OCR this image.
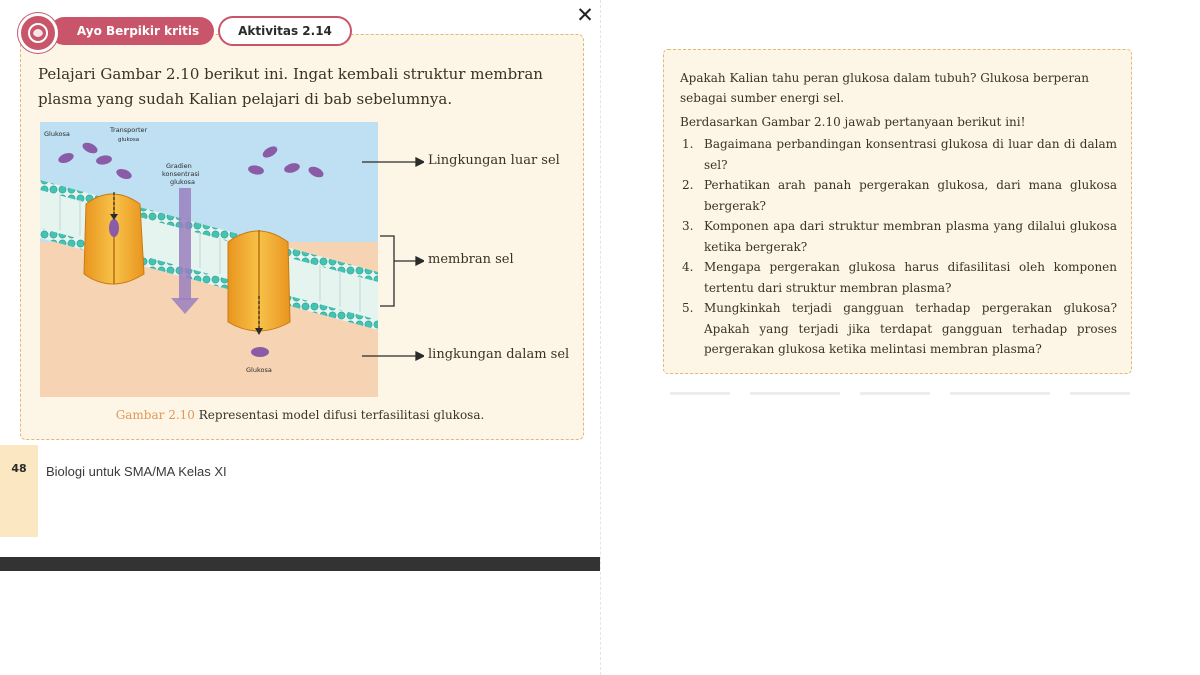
Ayo Berpikir kritis	Aktivitas 2.14
Pelajari Gambar 2.10 berikut ini. Ingat kembali struktur membran plasma yang sudah Kalian pelajari di bab sebelumnya.
Glukosa	Transporter
glukosa
Gradien
konsentrasi
glukosa
Glukosa
Lingkungan luar sel
membran sel
lingkungan dalam sel
Gambar 2.10 Representasi model difusi terfasilitasi glukosa.
48	Biologi untuk SMA/MA Kelas XI
✕

Apakah Kalian tahu peran glukosa dalam tubuh? Glukosa berperan sebagai sumber energi sel.

Berdasarkan Gambar 2.10 jawab pertanyaan berikut ini!

1. Bagaimana perbandingan konsentrasi glukosa di luar dan di dalam sel?
2. Perhatikan arah panah pergerakan glukosa, dari mana glukosa bergerak?
3. Komponen apa dari struktur membran plasma yang dilalui glukosa ketika bergerak?
4. Mengapa pergerakan glukosa harus difasilitasi oleh komponen tertentu dari struktur membran plasma?
5. Mungkinkah terjadi gangguan terhadap pergerakan glukosa? Apakah yang terjadi jika terdapat gangguan terhadap proses pergerakan glukosa ketika melintasi membran plasma?
